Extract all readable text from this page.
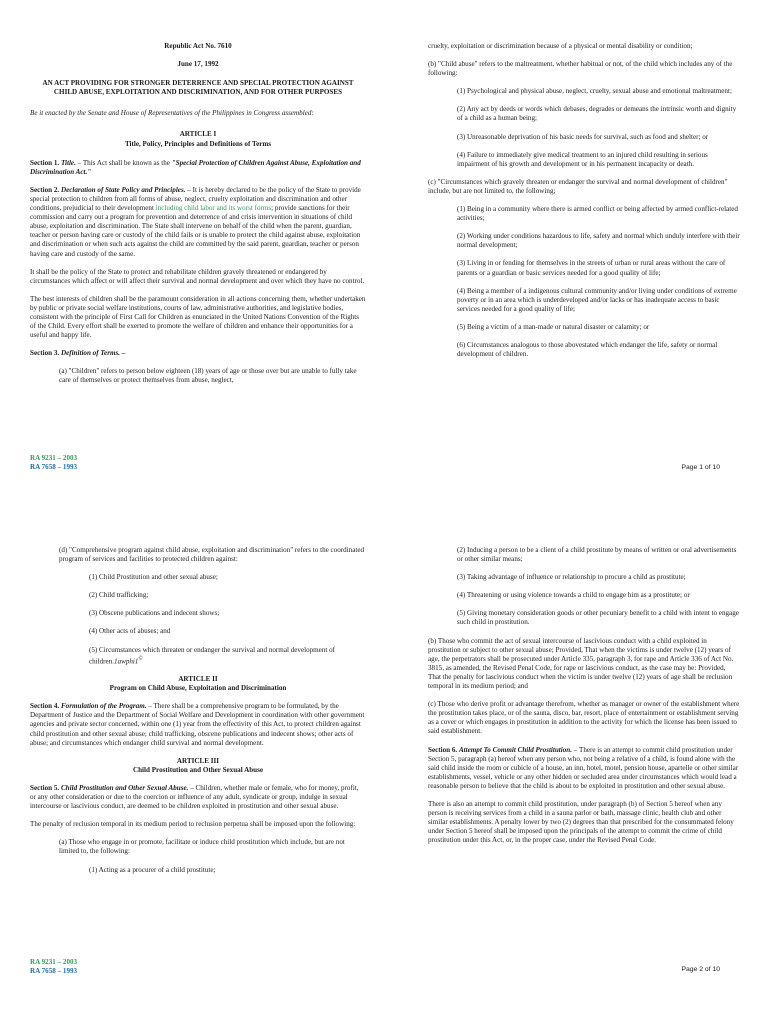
Republic Act No. 7610

June 17, 1992

AN ACT PROVIDING FOR STRONGER DETERRENCE AND SPECIAL PROTECTION AGAINST
CHILD ABUSE, EXPLOITATION AND DISCRIMINATION, AND FOR OTHER PURPOSES

Be it enacted by the Senate and House of Representatives of the Philippines in Congress assembled:

ARTICLE I
Title, Policy, Principles and Definitions of Terms

Section 1. Title. – This Act shall be known as the "Special Protection of Children Against Abuse, Exploitation and Discrimination Act."

Section 2. Declaration of State Policy and Principles. – It is hereby declared to be the policy of the State to provide special protection to children from all forms of abuse, neglect, cruelty exploitation and discrimination and other conditions, prejudicial to their development including child labor and its worst forms; provide sanctions for their commission and carry out a program for prevention and deterrence of and crisis intervention in situations of child abuse, exploitation and discrimination. The State shall intervene on behalf of the child when the parent, guardian, teacher or person having care or custody of the child fails or is unable to protect the child against abuse, exploitation and discrimination or when such acts against the child are committed by the said parent, guardian, teacher or person having care and custody of the same.

It shall be the policy of the State to protect and rehabilitate children gravely threatened or endangered by circumstances which affect or will affect their survival and normal development and over which they have no control.

The best interests of children shall be the paramount consideration in all actions concerning them, whether undertaken by public or private social welfare institutions, courts of law, administrative authorities, and legislative bodies, consistent with the principle of First Call for Children as enunciated in the United Nations Convention of the Rights of the Child. Every effort shall be exerted to promote the welfare of children and enhance their opportunities for a useful and happy life.

Section 3. Definition of Terms. –

(a) "Children" refers to person below eighteen (18) years of age or those over but are unable to fully take care of themselves or protect themselves from abuse, neglect,

RA 9231 – 2003
RA 7658 – 1993

cruelty, exploitation or discrimination because of a physical or mental disability or condition;

(b) "Child abuse" refers to the maltreatment, whether habitual or not, of the child which includes any of the following:

(1) Psychological and physical abuse, neglect, cruelty, sexual abuse and emotional maltreatment;

(2) Any act by deeds or words which debases, degrades or demeans the intrinsic worth and dignity of a child as a human being;

(3) Unreasonable deprivation of his basic needs for survival, such as food and shelter; or

(4) Failure to immediately give medical treatment to an injured child resulting in serious impairment of his growth and development or in his permanent incapacity or death.

(c) "Circumstances which gravely threaten or endanger the survival and normal development of children" include, but are not limited to, the following;

(1) Being in a community where there is armed conflict or being affected by armed conflict-related activities;

(2) Working under conditions hazardous to life, safety and normal which unduly interfere with their normal development;

(3) Living in or fending for themselves in the streets of urban or rural areas without the care of parents or a guardian or basic services needed for a good quality of life;

(4) Being a member of a indigenous cultural community and/or living under conditions of extreme poverty or in an area which is underdeveloped and/or lacks or has inadequate access to basic services needed for a good quality of life;

(5) Being a victim of a man-made or natural disaster or calamity; or

(6) Circumstances analogous to those abovestated which endanger the life, safety or normal development of children.

Page 1 of 10

(d) "Comprehensive program against child abuse, exploitation and discrimination" refers to the coordinated program of services and facilities to protected children against:

(1) Child Prostitution and other sexual abuse;

(2) Child trafficking;

(3) Obscene publications and indecent shows;

(4) Other acts of abuses; and

(5) Circumstances which threaten or endanger the survival and normal development of children.1awphi1©

ARTICLE II
Program on Child Abuse, Exploitation and Discrimination

Section 4. Formulation of the Program. – There shall be a comprehensive program to be formulated, by the Department of Justice and the Department of Social Welfare and Development in coordination with other government agencies and private sector concerned, within one (1) year from the effectivity of this Act, to protect children against child prostitution and other sexual abuse; child trafficking, obscene publications and indecent shows; other acts of abuse; and circumstances which endanger child survival and normal development.

ARTICLE III
Child Prostitution and Other Sexual Abuse

Section 5. Child Prostitution and Other Sexual Abuse. – Children, whether male or female, who for money, profit, or any other consideration or due to the coercion or influence of any adult, syndicate or group, indulge in sexual intercourse or lascivious conduct, are deemed to be children exploited in prostitution and other sexual abuse.

The penalty of reclusion temporal in its medium period to reclusion perpetua shall be imposed upon the following:

(a) Those who engage in or promote, facilitate or induce child prostitution which include, but are not limited to, the following:

(1) Acting as a procurer of a child prostitute;

RA 9231 – 2003
RA 7658 – 1993

(2) Inducing a person to be a client of a child prostitute by means of written or oral advertisements or other similar means;

(3) Taking advantage of influence or relationship to procure a child as prostitute;

(4) Threatening or using violence towards a child to engage him as a prostitute; or

(5) Giving monetary consideration goods or other pecuniary benefit to a child with intent to engage such child in prostitution.

(b) Those who commit the act of sexual intercourse of lascivious conduct with a child exploited in prostitution or subject to other sexual abuse; Provided, That when the victims is under twelve (12) years of age, the perpetrators shall be prosecuted under Article 335, paragraph 3, for rape and Article 336 of Act No. 3815, as amended, the Revised Penal Code, for rape or lascivious conduct, as the case may be: Provided, That the penalty for lascivious conduct when the victim is under twelve (12) years of age shall be reclusion temporal in its medium period; and

(c) Those who derive profit or advantage therefrom, whether as manager or owner of the establishment where the prostitution takes place, or of the sauna, disco, bar, resort, place of entertainment or establishment serving as a cover or which engages in prostitution in addition to the activity for which the license has been issued to said establishment.

Section 6. Attempt To Commit Child Prostitution. – There is an attempt to commit child prostitution under Section 5, paragraph (a) hereof when any person who, not being a relative of a child, is found alone with the said child inside the room or cubicle of a house, an inn, hotel, motel, pension house, apartelle or other similar establishments, vessel, vehicle or any other hidden or secluded area under circumstances which would lead a reasonable person to believe that the child is about to be exploited in prostitution and other sexual abuse.

There is also an attempt to commit child prostitution, under paragraph (b) of Section 5 hereof when any person is receiving services from a child in a sauna parlor or bath, massage clinic, health club and other similar establishments. A penalty lower by two (2) degrees than that prescribed for the consummated felony under Section 5 hereof shall be imposed upon the principals of the attempt to commit the crime of child prostitution under this Act, or, in the proper case, under the Revised Penal Code.

Page 2 of 10
